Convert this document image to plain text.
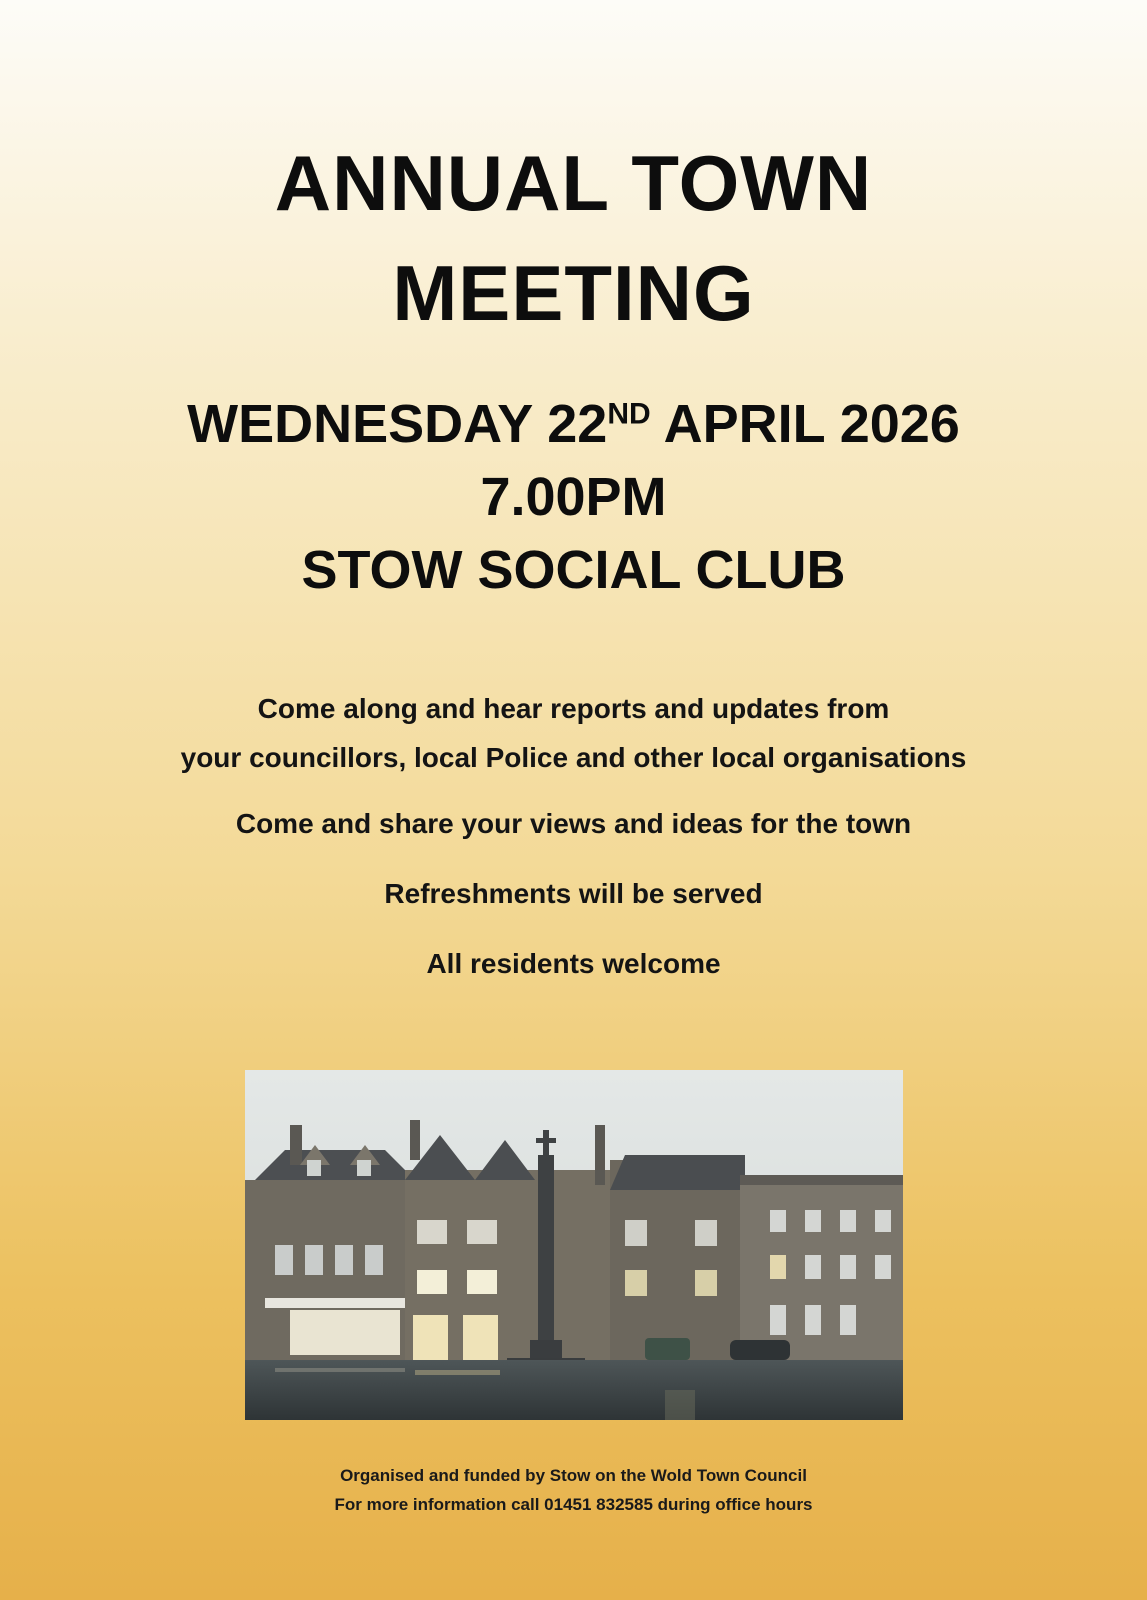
ANNUAL TOWN
MEETING
WEDNESDAY 22ND APRIL 2026
7.00PM
STOW SOCIAL CLUB
Come along and hear reports and updates from
your councillors, local Police and other local organisations
Come and share your views and ideas for the town
Refreshments will be served
All residents welcome
Organised and funded by Stow on the Wold Town Council
For more information call 01451 832585 during office hours
